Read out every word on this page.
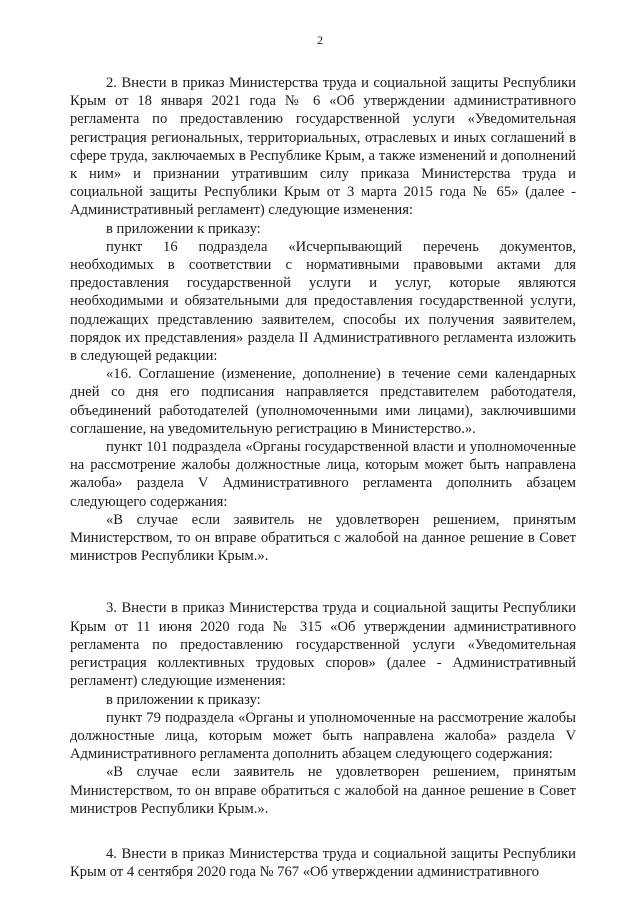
2

2. Внести в приказ Министерства труда и социальной защиты Республики Крым от 18 января 2021 года № 6 «Об утверждении административного регламента по предоставлению государственной услуги «Уведомительная регистрация региональных, территориальных, отраслевых и иных соглашений в сфере труда, заключаемых в Республике Крым, а также изменений и дополнений к ним» и признании утратившим силу приказа Министерства труда и социальной защиты Республики Крым от 3 марта 2015 года № 65» (далее - Административный регламент) следующие изменения:

в приложении к приказу:

пункт 16 подраздела «Исчерпывающий перечень документов, необходимых в соответствии с нормативными правовыми актами для предоставления государственной услуги и услуг, которые являются необходимыми и обязательными для предоставления государственной услуги, подлежащих представлению заявителем, способы их получения заявителем, порядок их представления» раздела II Административного регламента изложить в следующей редакции:

«16. Соглашение (изменение, дополнение) в течение семи календарных дней со дня его подписания направляется представителем работодателя, объединений работодателей (уполномоченными ими лицами), заключившими соглашение, на уведомительную регистрацию в Министерство.».

пункт 101 подраздела «Органы государственной власти и уполномоченные на рассмотрение жалобы должностные лица, которым может быть направлена жалоба» раздела V Административного регламента дополнить абзацем следующего содержания:

«В случае если заявитель не удовлетворен решением, принятым Министерством, то он вправе обратиться с жалобой на данное решение в Совет министров Республики Крым.».

3. Внести в приказ Министерства труда и социальной защиты Республики Крым от 11 июня 2020 года № 315 «Об утверждении административного регламента по предоставлению государственной услуги «Уведомительная регистрация коллективных трудовых споров» (далее - Административный регламент) следующие изменения:

в приложении к приказу:

пункт 79 подраздела «Органы и уполномоченные на рассмотрение жалобы должностные лица, которым может быть направлена жалоба» раздела V Административного регламента дополнить абзацем следующего содержания:

«В случае если заявитель не удовлетворен решением, принятым Министерством, то он вправе обратиться с жалобой на данное решение в Совет министров Республики Крым.».

4. Внести в приказ Министерства труда и социальной защиты Республики Крым от 4 сентября 2020 года № 767 «Об утверждении административного
